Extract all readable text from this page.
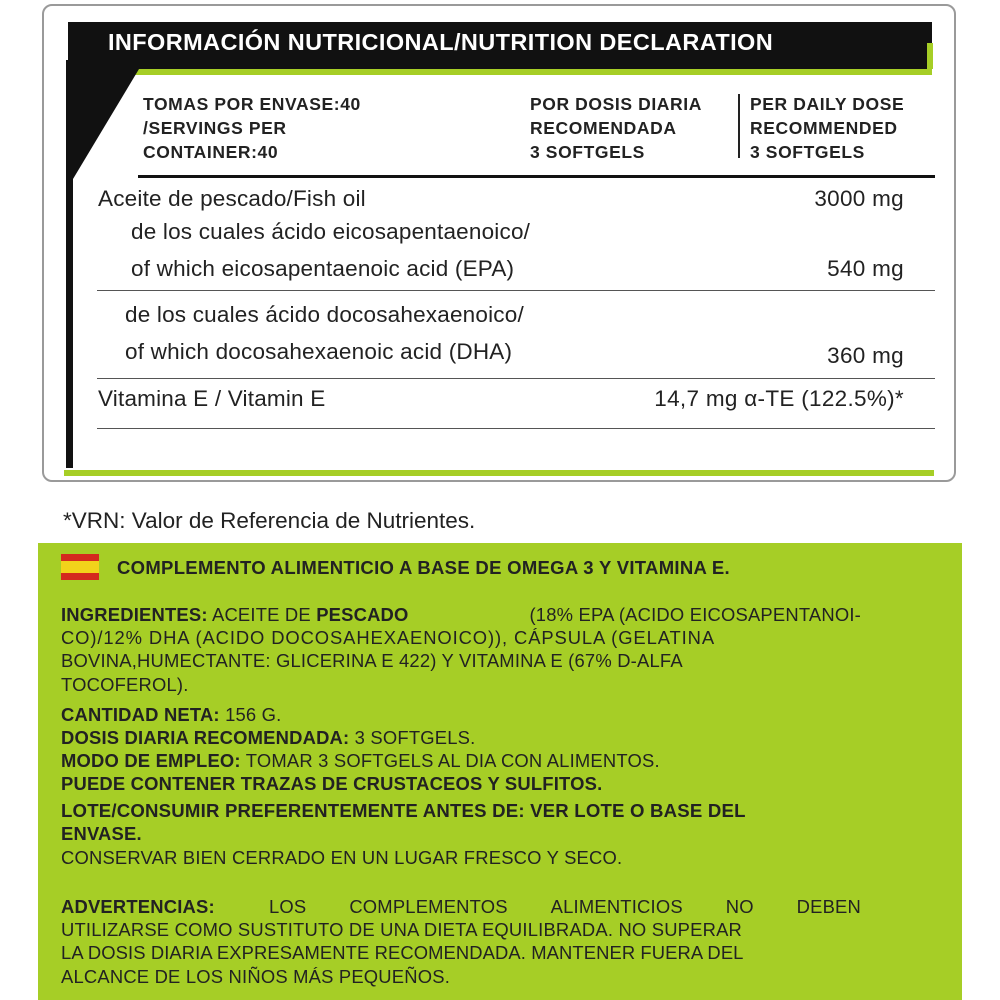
INFORMACIÓN NUTRICIONAL/NUTRITION DECLARATION
TOMAS POR ENVASE:40
/SERVINGS PER
CONTAINER:40
POR DOSIS DIARIA
RECOMENDADA
3 SOFTGELS
PER DAILY DOSE
RECOMMENDED
3 SOFTGELS
Aceite de pescado/Fish oil	3000 mg
de los cuales ácido eicosapentaenoico/
of which eicosapentaenoic acid (EPA)	540 mg
de los cuales ácido docosahexaenoico/
of which docosahexaenoic acid (DHA)	360 mg
Vitamina E / Vitamin E	14,7 mg α-TE (122.5%)*
*VRN: Valor de Referencia de Nutrientes.
COMPLEMENTO ALIMENTICIO A BASE DE OMEGA 3 Y VITAMINA E.
INGREDIENTES: ACEITE DE PESCADO	(18% EPA (ACIDO EICOSAPENTANOI-
CO)/12% DHA (ACIDO DOCOSAHEXAENOICO)), CÁPSULA (GELATINA
BOVINA,HUMECTANTE: GLICERINA E 422) Y VITAMINA E (67% D-ALFA
TOCOFEROL).
CANTIDAD NETA: 156 G.
DOSIS DIARIA RECOMENDADA: 3 SOFTGELS.
MODO DE EMPLEO: TOMAR 3 SOFTGELS AL DIA CON ALIMENTOS.
PUEDE CONTENER TRAZAS DE CRUSTACEOS Y SULFITOS.
LOTE/CONSUMIR PREFERENTEMENTE ANTES DE: VER LOTE O BASE DEL
ENVASE.
CONSERVAR BIEN CERRADO EN UN LUGAR FRESCO Y SECO.
ADVERTENCIAS:	LOS COMPLEMENTOS ALIMENTICIOS NO DEBEN
UTILIZARSE COMO SUSTITUTO DE UNA DIETA EQUILIBRADA. NO SUPERAR
LA DOSIS DIARIA EXPRESAMENTE RECOMENDADA. MANTENER FUERA DEL
ALCANCE DE LOS NIÑOS MÁS PEQUEÑOS.
